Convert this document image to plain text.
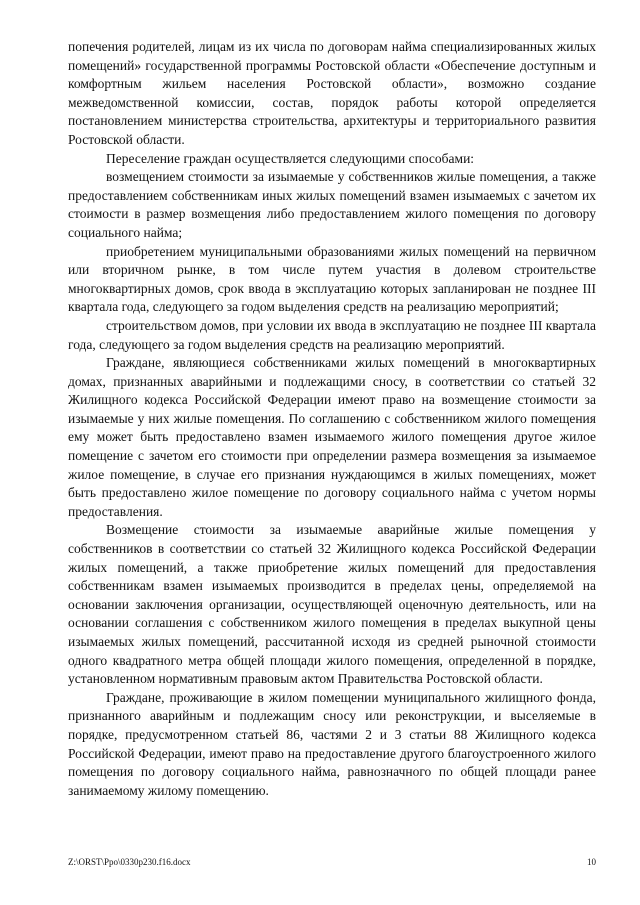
попечения родителей, лицам из их числа по договорам найма специализированных жилых помещений» государственной программы Ростовской области «Обеспечение доступным и комфортным жильем населения Ростовской области», возможно создание межведомственной комиссии, состав, порядок работы которой определяется постановлением министерства строительства, архитектуры и территориального развития Ростовской области.

Переселение граждан осуществляется следующими способами:

возмещением стоимости за изымаемые у собственников жилые помещения, а также предоставлением собственникам иных жилых помещений взамен изымаемых с зачетом их стоимости в размер возмещения либо предоставлением жилого помещения по договору социального найма;

приобретением муниципальными образованиями жилых помещений на первичном или вторичном рынке, в том числе путем участия в долевом строительстве многоквартирных домов, срок ввода в эксплуатацию которых запланирован не позднее III квартала года, следующего за годом выделения средств на реализацию мероприятий;

строительством домов, при условии их ввода в эксплуатацию не позднее III квартала года, следующего за годом выделения средств на реализацию мероприятий.

Граждане, являющиеся собственниками жилых помещений в многоквартирных домах, признанных аварийными и подлежащими сносу, в соответствии со статьей 32 Жилищного кодекса Российской Федерации имеют право на возмещение стоимости за изымаемые у них жилые помещения. По соглашению с собственником жилого помещения ему может быть предоставлено взамен изымаемого жилого помещения другое жилое помещение с зачетом его стоимости при определении размера возмещения за изымаемое жилое помещение, в случае его признания нуждающимся в жилых помещениях, может быть предоставлено жилое помещение по договору социального найма с учетом нормы предоставления.

Возмещение стоимости за изымаемые аварийные жилые помещения у собственников в соответствии со статьей 32 Жилищного кодекса Российской Федерации жилых помещений, а также приобретение жилых помещений для предоставления собственникам взамен изымаемых производится в пределах цены, определяемой на основании заключения организации, осуществляющей оценочную деятельность, или на основании соглашения с собственником жилого помещения в пределах выкупной цены изымаемых жилых помещений, рассчитанной исходя из средней рыночной стоимости одного квадратного метра общей площади жилого помещения, определенной в порядке, установленном нормативным правовым актом Правительства Ростовской области.

Граждане, проживающие в жилом помещении муниципального жилищного фонда, признанного аварийным и подлежащим сносу или реконструкции, и выселяемые в порядке, предусмотренном статьей 86, частями 2 и 3 статьи 88 Жилищного кодекса Российской Федерации, имеют право на предоставление другого благоустроенного жилого помещения по договору социального найма, равнозначного по общей площади ранее занимаемому жилому помещению.

Z:\ORST\Ppo\0330p230.f16.docx	10
